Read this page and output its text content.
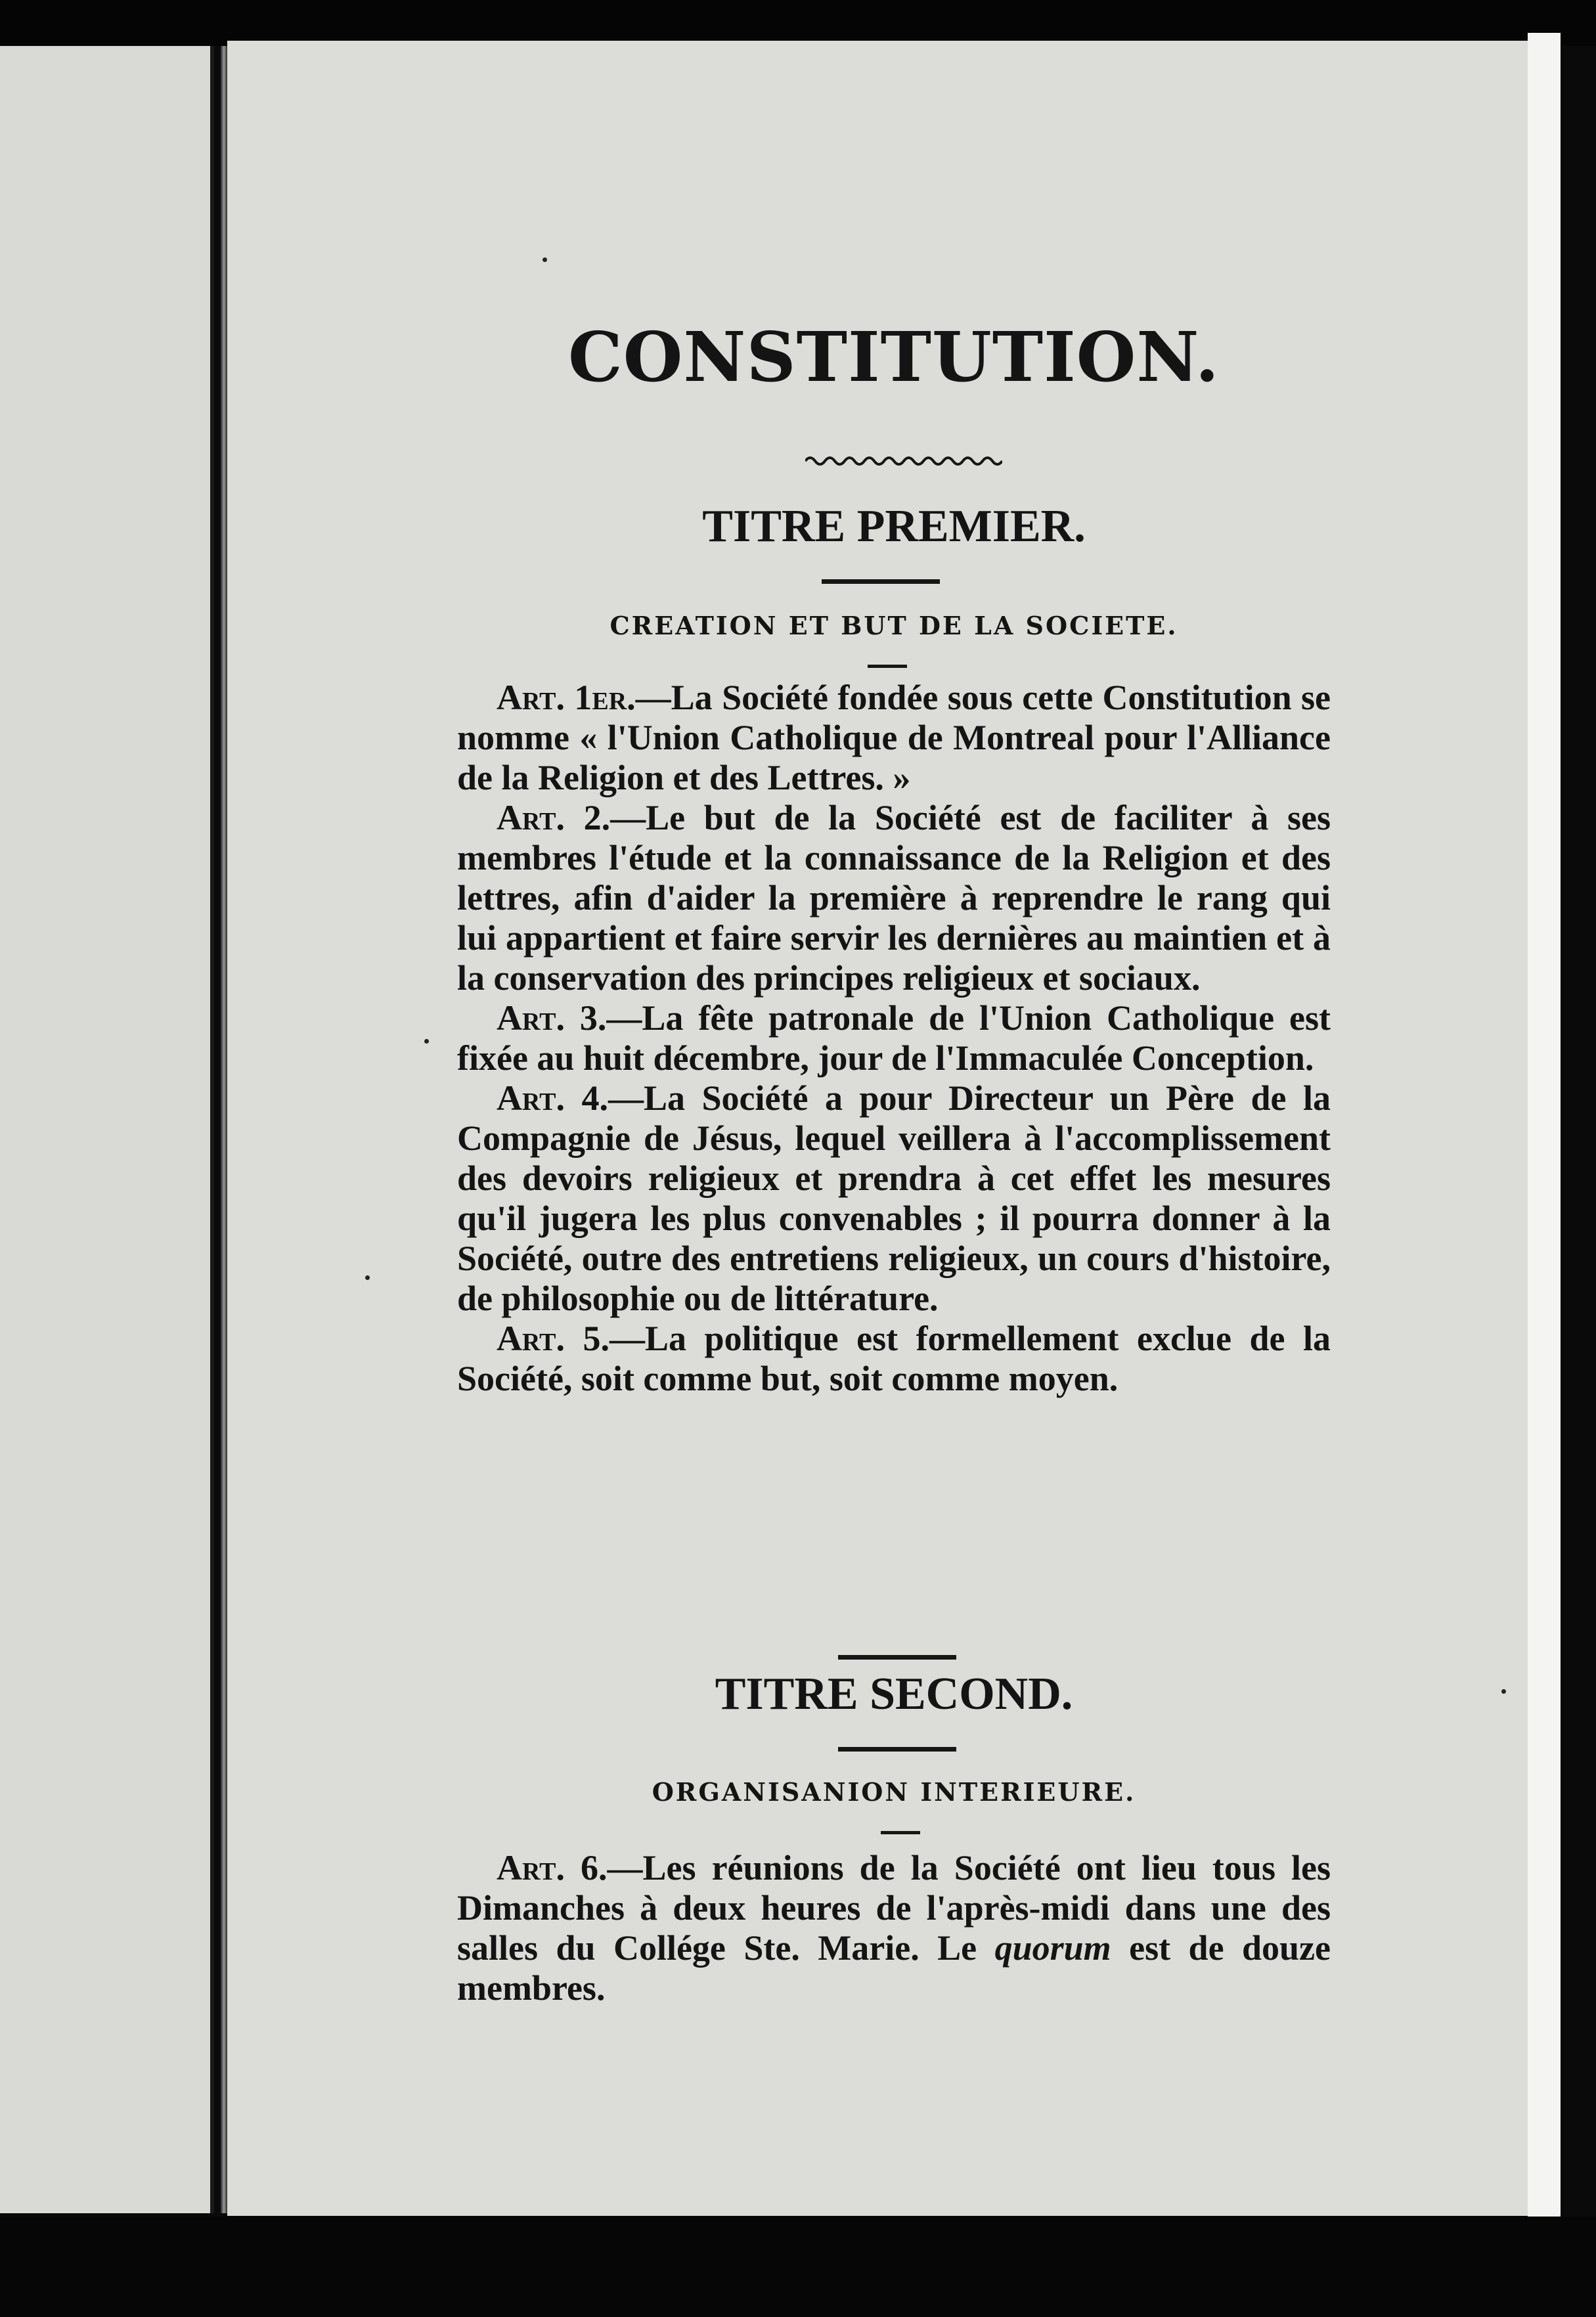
CONSTITUTION.
TITRE PREMIER.
CREATION ET BUT DE LA SOCIETE.

Art. 1er.—La Société fondée sous cette Constitution se nomme « l'Union Catholique de Montreal pour l'Alliance de la Religion et des Lettres. »

Art. 2.—Le but de la Société est de faciliter à ses membres l'étude et la connaissance de la Religion et des lettres, afin d'aider la première à reprendre le rang qui lui appartient et faire servir les dernières au maintien et à la conservation des principes religieux et sociaux.

Art. 3.—La fête patronale de l'Union Catholique est fixée au huit décembre, jour de l'Immaculée Conception.

Art. 4.—La Société a pour Directeur un Père de la Compagnie de Jésus, lequel veillera à l'accomplissement des devoirs religieux et prendra à cet effet les mesures qu'il jugera les plus convenables ; il pourra donner à la Société, outre des entretiens religieux, un cours d'histoire, de philosophie ou de littérature.

Art. 5.—La politique est formellement exclue de la Société, soit comme but, soit comme moyen.

TITRE SECOND.
ORGANISANION INTERIEURE.

Art. 6.—Les réunions de la Société ont lieu tous les Dimanches à deux heures de l'après-midi dans une des salles du Collége Ste. Marie. Le quorum est de douze membres.
